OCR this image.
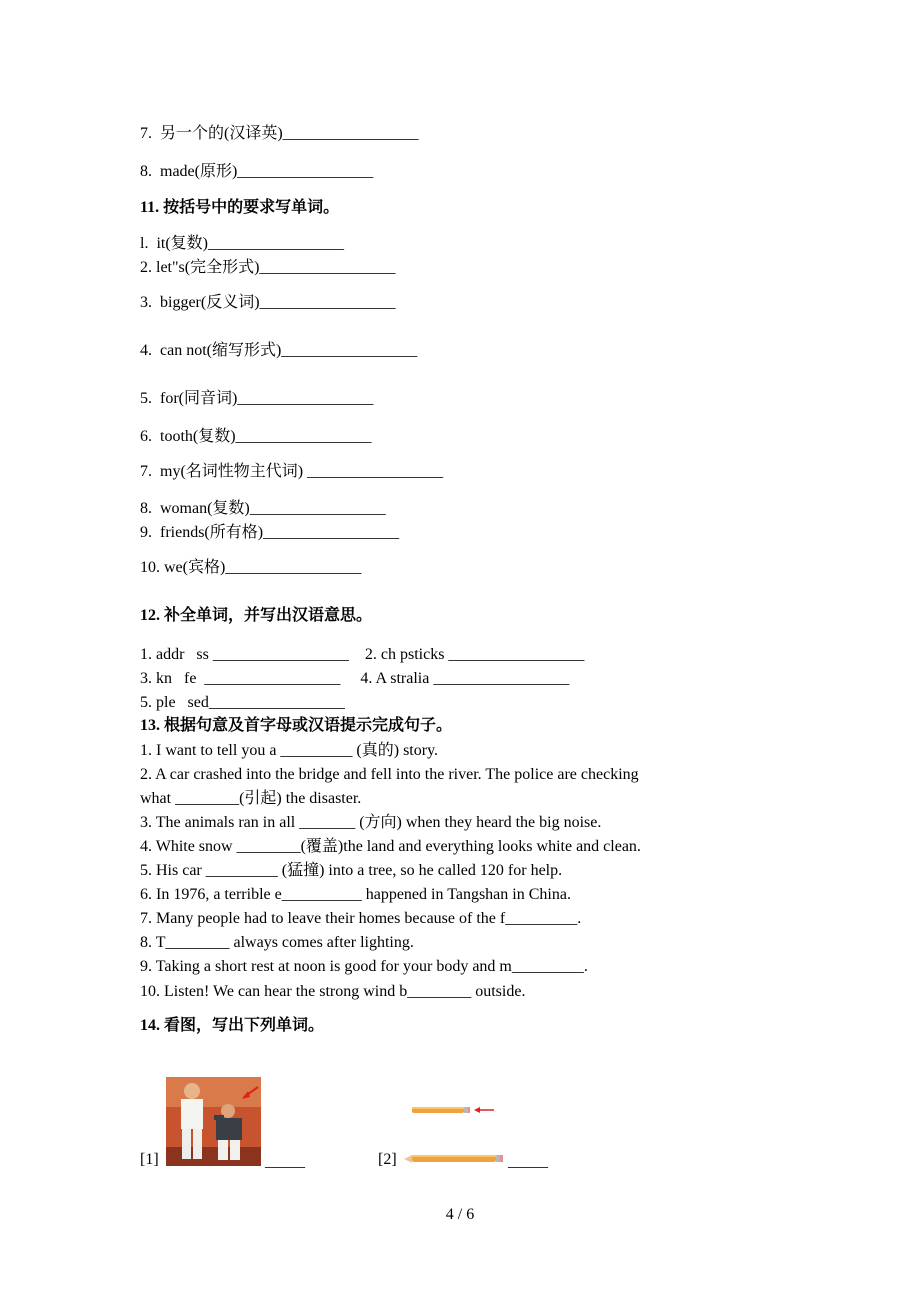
7.  另一个的(汉译英)_________________
8.  made(原形)_________________
11. 按括号中的要求写单词。
l.  it(复数)_________________
2. let"s(完全形式)_________________
3.  bigger(反义词)_________________
4.  can not(缩写形式)_________________
5.  for(同音词)_________________
6.  tooth(复数)_________________
7.  my(名词性物主代词) _________________
8.  woman(复数)_________________
9.  friends(所有格)_________________
10. we(宾格)_________________
12. 补全单词，并写出汉语意思。
1. addr   ss _________________    2. ch psticks _________________
3. kn   fe  _________________     4. A stralia _________________
5. ple   sed_________________
13. 根据句意及首字母或汉语提示完成句子。
1. I want to tell you a _________ (真的) story.
2. A car crashed into the bridge and fell into the river. The police are checking
what ________(引起) the disaster.
3. The animals ran in all _______ (方向) when they heard the big noise.
4. White snow ________(覆盖)the land and everything looks white and clean.
5. His car _________ (猛撞) into a tree, so he called 120 for help.
6. In 1976, a terrible e__________ happened in Tangshan in China.
7. Many people had to leave their homes because of the f_________.
8. T________ always comes after lighting.
9. Taking a short rest at noon is good for your body and m_________.
10. Listen! We can hear the strong wind b________ outside.
14. 看图，写出下列单词。
[1]	_____	[2]	_____
4 / 6
